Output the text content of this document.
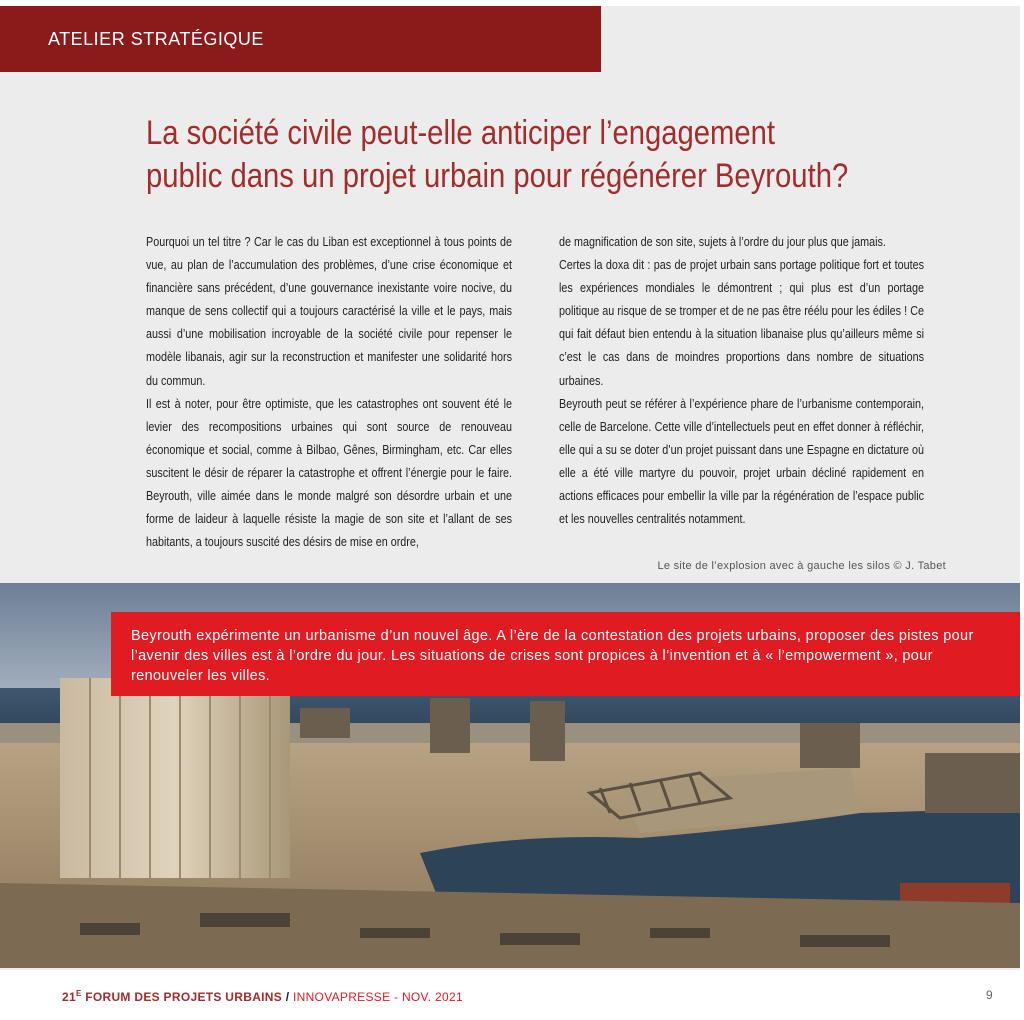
ATELIER STRATÉGIQUE
La société civile peut-elle anticiper l’engagement
public dans un projet urbain pour régénérer Beyrouth?

Pourquoi un tel titre ? Car le cas du Liban est exceptionnel à tous points de vue, au plan de l’accumulation des problèmes, d’une crise économique et financière sans précédent, d’une gouvernance inexistante voire nocive, du manque de sens collectif qui a toujours caractérisé la ville et le pays, mais aussi d’une mobilisation incroyable de la société civile pour repenser le modèle libanais, agir sur la reconstruction et manifester une solidarité hors du commun.

Il est à noter, pour être optimiste, que les catastrophes ont souvent été le levier des recompositions urbaines qui sont source de renouveau économique et social, comme à Bilbao, Gênes, Birmingham, etc. Car elles suscitent le désir de réparer la catastrophe et offrent l’énergie pour le faire. Beyrouth, ville aimée dans le monde malgré son désordre urbain et une forme de laideur à laquelle résiste la magie de son site et l’allant de ses habitants, a toujours suscité des désirs de mise en ordre,

de magnification de son site, sujets à l’ordre du jour plus que jamais.

Certes la doxa dit : pas de projet urbain sans portage politique fort et toutes les expériences mondiales le démontrent ; qui plus est d’un portage politique au risque de se tromper et de ne pas être réélu pour les édiles ! Ce qui fait défaut bien entendu à la situation libanaise plus qu’ailleurs même si c’est le cas dans de moindres proportions dans nombre de situations urbaines.

Beyrouth peut se référer à l’expérience phare de l’urbanisme contemporain, celle de Barcelone. Cette ville d’intellectuels peut en effet donner à réfléchir, elle qui a su se doter d’un projet puissant dans une Espagne en dictature où elle a été ville martyre du pouvoir, projet urbain décliné rapidement en actions efficaces pour embellir la ville par la régénération de l’espace public et les nouvelles centralités notamment.

Le site de l’explosion avec à gauche les silos © J. Tabet
Beyrouth expérimente un urbanisme d’un nouvel âge. A l’ère de la contestation des projets urbains, proposer des pistes pour l’avenir des villes est à l’ordre du jour. Les situations de crises sont propices à l’invention et à « l’empowerment », pour renouveler les villes.
$21^E$ FORUM DES PROJETS URBAINS / INNOVAPRESSE - NOV. 2021	9
